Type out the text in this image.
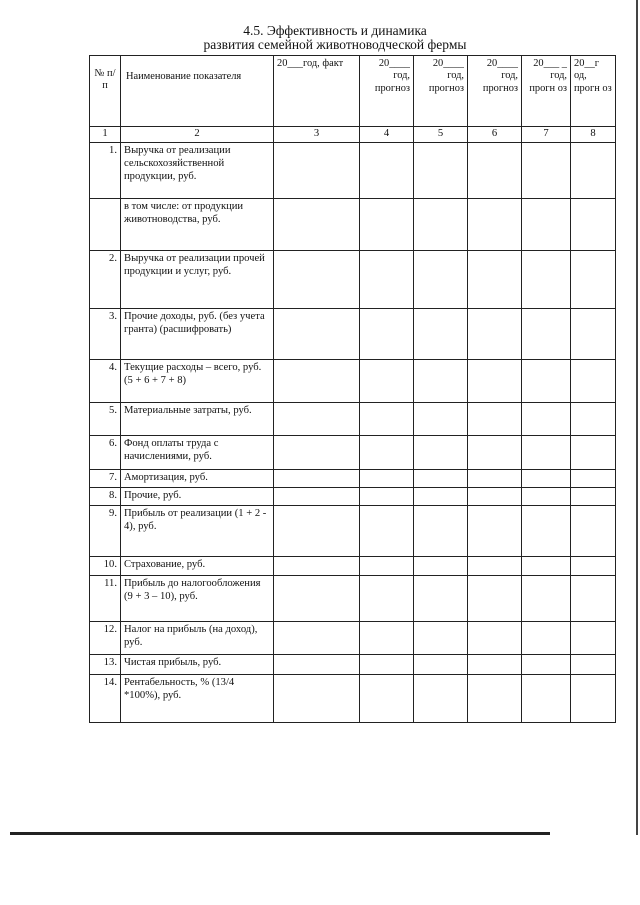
4.5. Эффективность и динамика
развития семейной животноводческой фермы
№ п/п	Наименование показателя	20___год, факт	20____ год, прогноз	20____ год, прогноз	20____ год, прогноз	20___ _ год, прогн оз	20__г од, прогн оз
1	2	3	4	5	6	7	8
1.	Выручка от реализации сельскохозяйственной продукции, руб.						
	в том числе: от продукции животноводства, руб.						
2.	Выручка от реализации прочей продукции и услуг, руб.						
3.	Прочие доходы, руб. (без учета гранта) (расшифровать)						
4.	Текущие расходы – всего, руб. (5 + 6 + 7 + 8)						
5.	Материальные затраты, руб.						
6.	Фонд оплаты труда с начислениями, руб.						
7.	Амортизация, руб.						
8.	Прочие, руб.						
9.	Прибыль от реализации (1 + 2 - 4), руб.						
10.	Страхование, руб.						
11.	Прибыль до налогообложения (9 + 3 – 10), руб.						
12.	Налог на прибыль (на доход), руб.						
13.	Чистая прибыль, руб.						
14.	Рентабельность, % (13/4 *100%), руб.						
